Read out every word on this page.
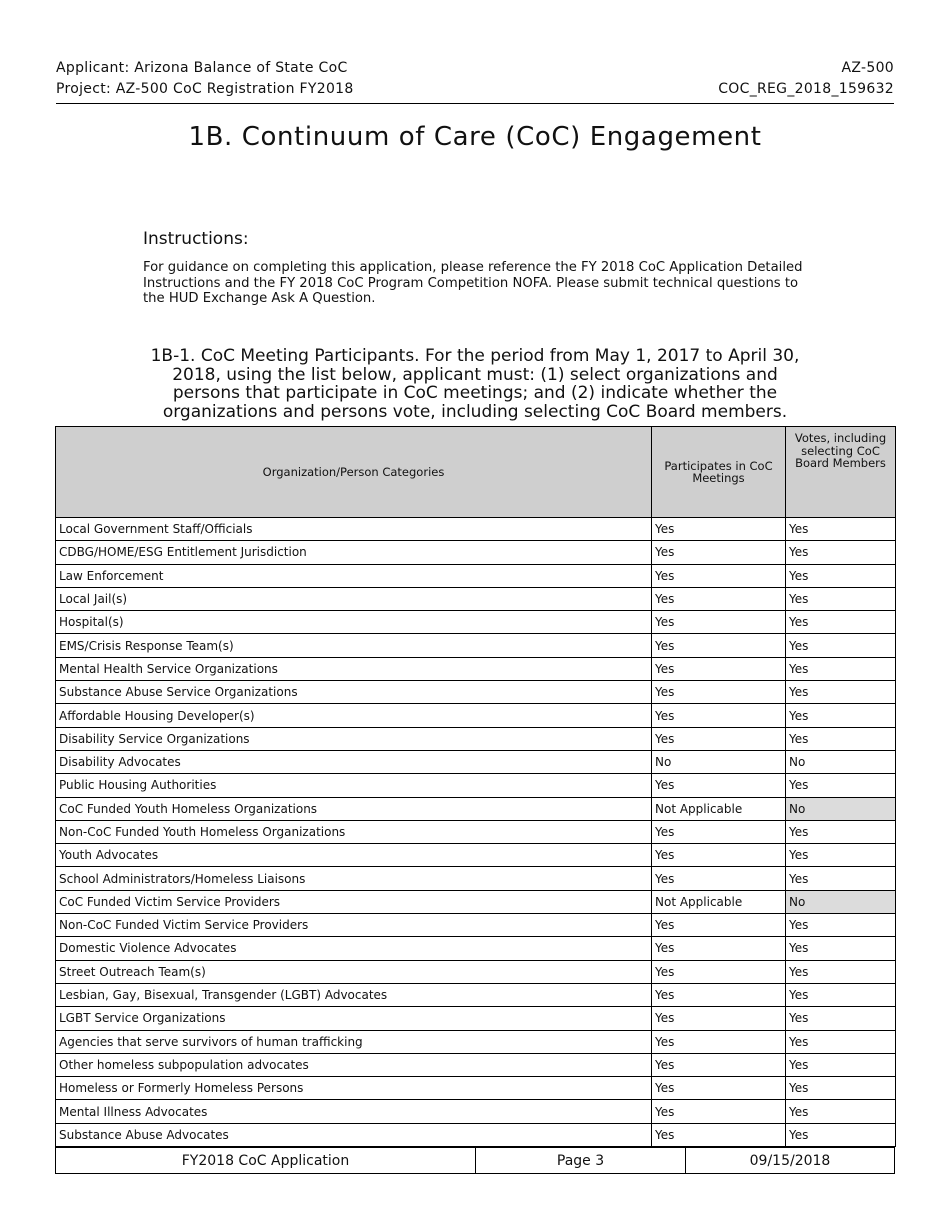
Applicant: Arizona Balance of State CoC	AZ-500
Project: AZ-500 CoC Registration FY2018	COC_REG_2018_159632
1B. Continuum of Care (CoC) Engagement
Instructions:
For guidance on completing this application, please reference the FY 2018 CoC Application Detailed Instructions and the FY 2018 CoC Program Competition NOFA. Please submit technical questions to the HUD Exchange Ask A Question.
1B-1. CoC Meeting Participants. For the period from May 1, 2017 to April 30, 2018, using the list below, applicant must: (1) select organizations and persons that participate in CoC meetings; and (2) indicate whether the organizations and persons vote, including selecting CoC Board members.
Organization/Person Categories	Participates in CoC Meetings	Votes, including selecting CoC Board Members
Local Government Staff/Officials	Yes	Yes
CDBG/HOME/ESG Entitlement Jurisdiction	Yes	Yes
Law Enforcement	Yes	Yes
Local Jail(s)	Yes	Yes
Hospital(s)	Yes	Yes
EMS/Crisis Response Team(s)	Yes	Yes
Mental Health Service Organizations	Yes	Yes
Substance Abuse Service Organizations	Yes	Yes
Affordable Housing Developer(s)	Yes	Yes
Disability Service Organizations	Yes	Yes
Disability Advocates	No	No
Public Housing Authorities	Yes	Yes
CoC Funded Youth Homeless Organizations	Not Applicable	No
Non-CoC Funded Youth Homeless Organizations	Yes	Yes
Youth Advocates	Yes	Yes
School Administrators/Homeless Liaisons	Yes	Yes
CoC Funded Victim Service Providers	Not Applicable	No
Non-CoC Funded Victim Service Providers	Yes	Yes
Domestic Violence Advocates	Yes	Yes
Street Outreach Team(s)	Yes	Yes
Lesbian, Gay, Bisexual, Transgender (LGBT) Advocates	Yes	Yes
LGBT Service Organizations	Yes	Yes
Agencies that serve survivors of human trafficking	Yes	Yes
Other homeless subpopulation advocates	Yes	Yes
Homeless or Formerly Homeless Persons	Yes	Yes
Mental Illness Advocates	Yes	Yes
Substance Abuse Advocates	Yes	Yes
FY2018 CoC Application	Page 3	09/15/2018
